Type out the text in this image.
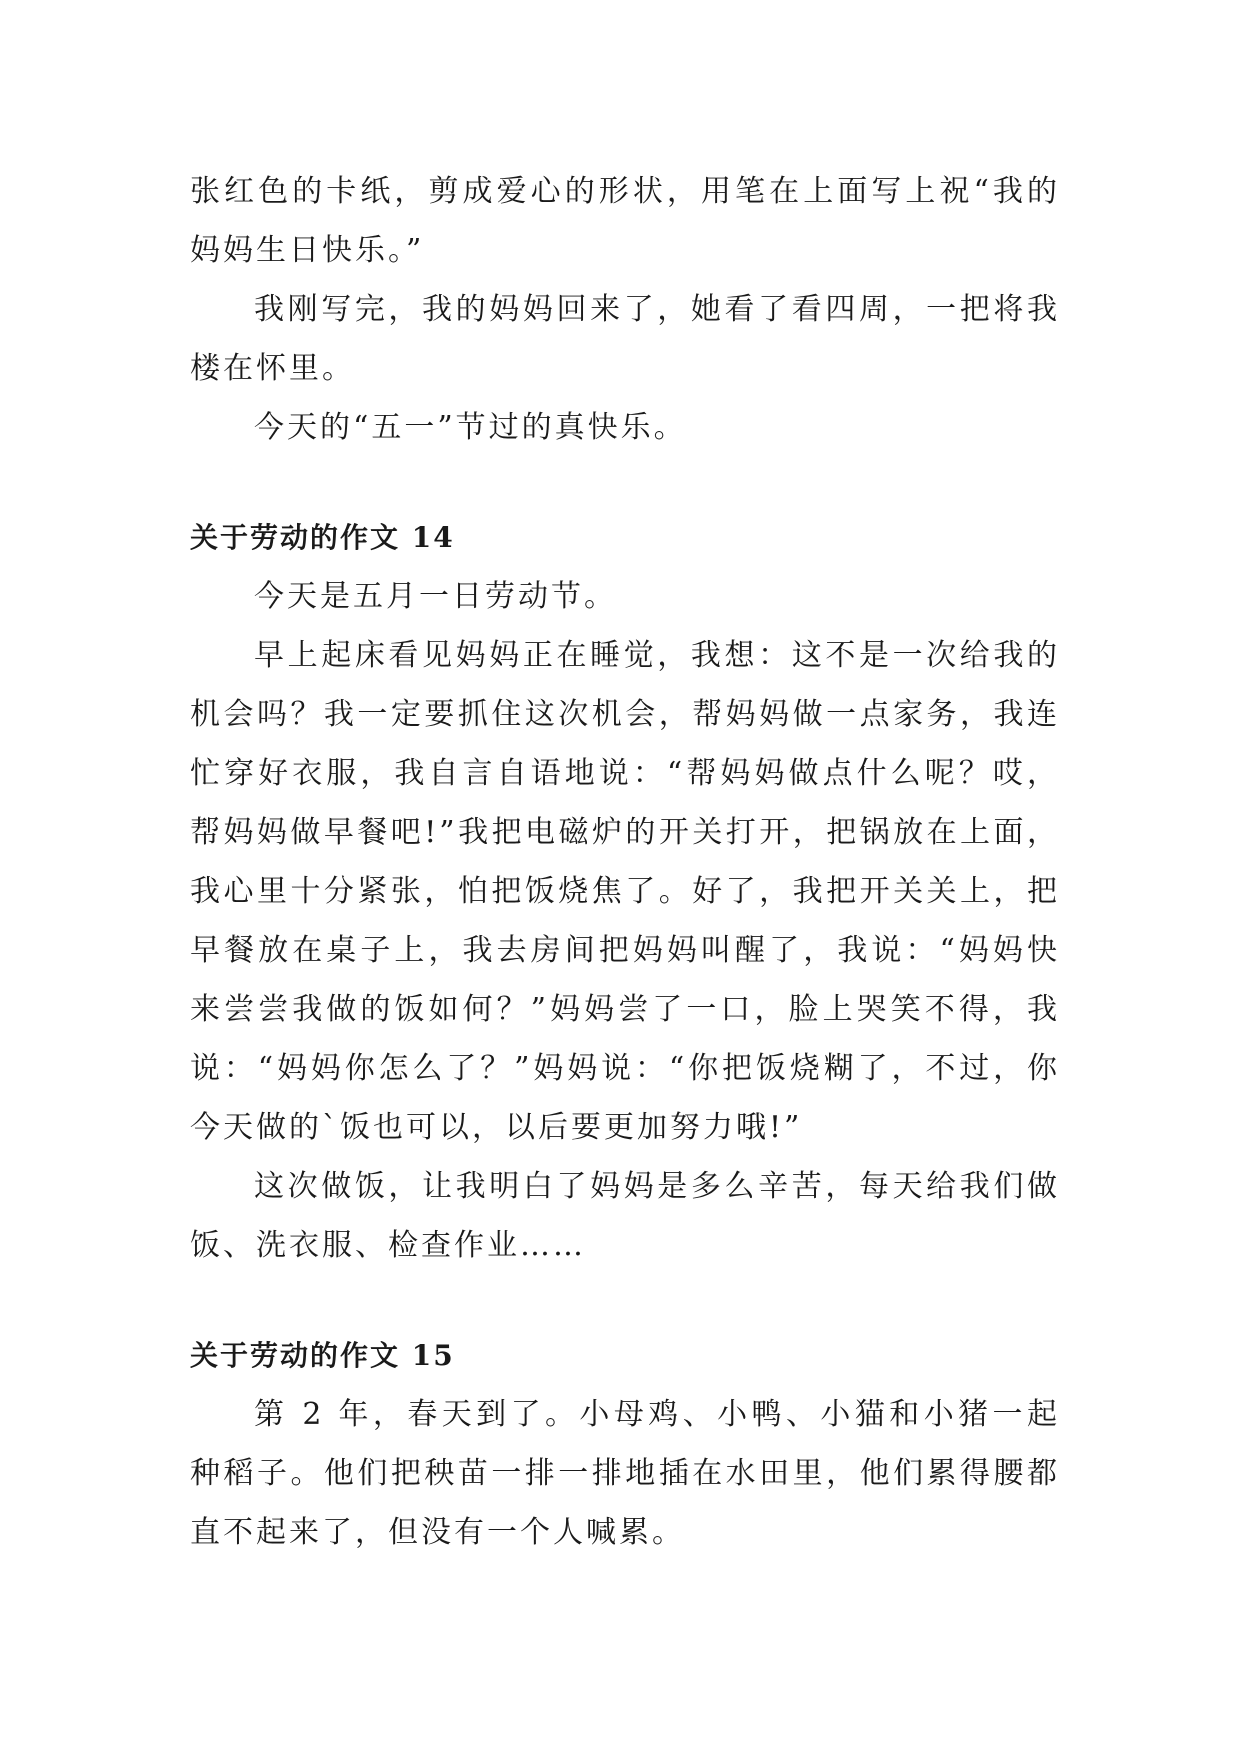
张红色的卡纸，剪成爱心的形状，用笔在上面写上祝“我的妈妈生日快乐。”

我刚写完，我的妈妈回来了，她看了看四周，一把将我楼在怀里。

今天的“五一”节过的真快乐。

关于劳动的作文 14

今天是五月一日劳动节。

早上起床看见妈妈正在睡觉，我想：这不是一次给我的机会吗？我一定要抓住这次机会，帮妈妈做一点家务，我连忙穿好衣服，我自言自语地说：“帮妈妈做点什么呢？哎，帮妈妈做早餐吧!”我把电磁炉的开关打开，把锅放在上面，我心里十分紧张，怕把饭烧焦了。好了，我把开关关上，把早餐放在桌子上，我去房间把妈妈叫醒了，我说：“妈妈快来尝尝我做的饭如何？”妈妈尝了一口，脸上哭笑不得，我说：“妈妈你怎么了？”妈妈说：“你把饭烧糊了，不过，你今天做的`饭也可以，以后要更加努力哦!”

这次做饭，让我明白了妈妈是多么辛苦，每天给我们做饭、洗衣服、检查作业……

关于劳动的作文 15

第 2 年，春天到了。小母鸡、小鸭、小猫和小猪一起种稻子。他们把秧苗一排一排地插在水田里，他们累得腰都直不起来了，但没有一个人喊累。
